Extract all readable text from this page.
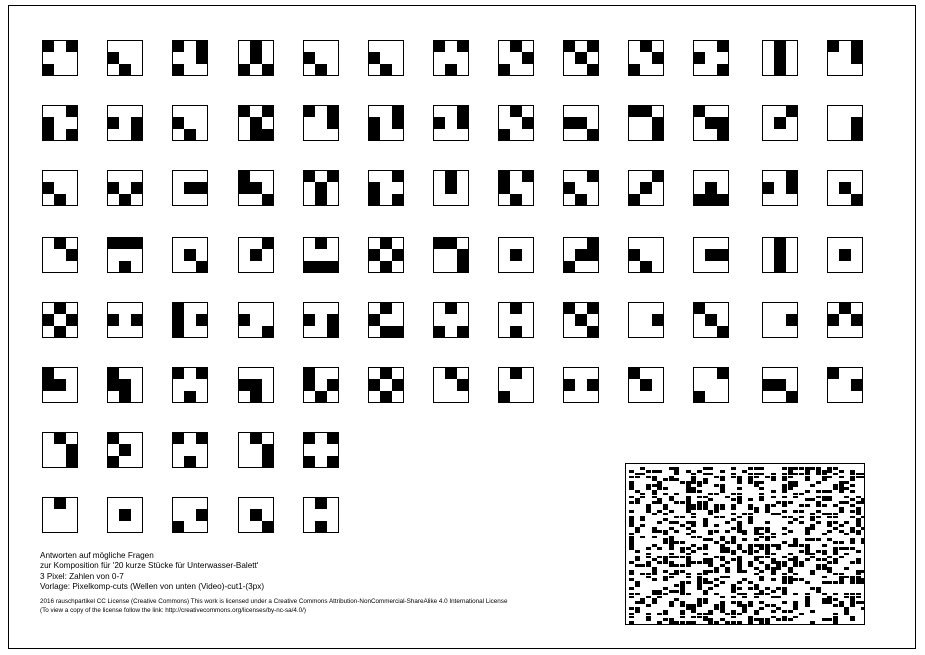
Antworten auf mögliche Fragen
zur Komposition für '20 kurze Stücke für Unterwasser-Balett'
3 Pixel: Zahlen von 0-7
Vorlage: Pixelkomp-cuts (Wellen von unten (Video)-cut1-(3px)
2016 rauschpartikel CC License (Creative Commons) This work is licensed under a Creative Commons Attribution-NonCommercial-ShareAlike 4.0 International License
(To view a copy of the license follow the link: http://creativecommons.org/licenses/by-nc-sa/4.0/)
